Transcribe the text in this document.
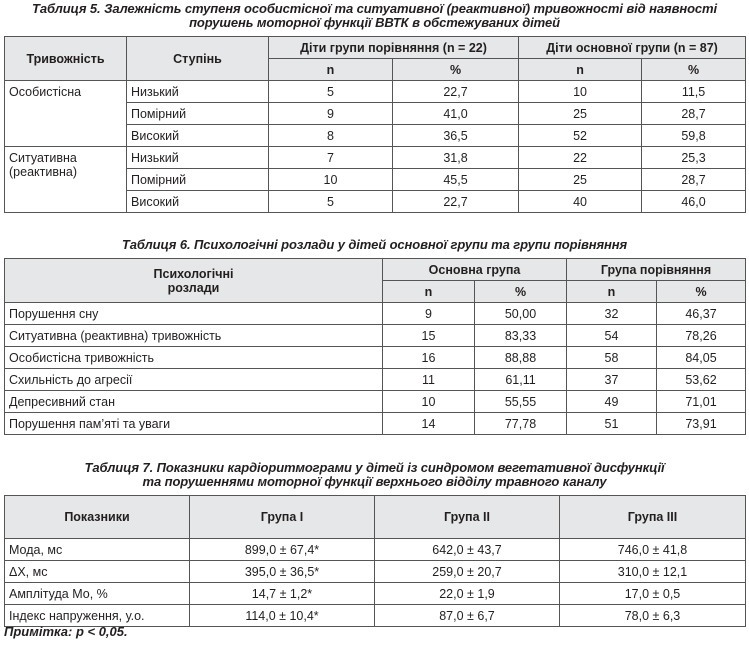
Таблиця 5. Залежність ступеня особистісної та ситуативної (реактивної) тривожності від наявності
порушень моторної функції ВВТК в обстежуваних дітей
Тривожність	Ступінь	Діти групи порівняння (n = 22)		Діти основної групи (n = 87)	
		n	%	n	%
Особистісна	Низький	5	22,7	10	11,5
	Помірний	9	41,0	25	28,7
	Високий	8	36,5	52	59,8
Ситуативна (реактивна)	Низький	7	31,8	22	25,3
	Помірний	10	45,5	25	28,7
	Високий	5	22,7	40	46,0
Таблиця 6. Психологічні розлади у дітей основної групи та групи порівняння
Психологічні
розлади	Основна група		Група порівняння	
	n	%	n	%
Порушення сну	9	50,00	32	46,37
Ситуативна (реактивна) тривожність	15	83,33	54	78,26
Особистісна тривожність	16	88,88	58	84,05
Схильність до агресії	11	61,11	37	53,62
Депресивний стан	10	55,55	49	71,01
Порушення пам’яті та уваги	14	77,78	51	73,91
Таблиця 7. Показники кардіоритмограми у дітей із синдромом вегетативної дисфункції
та порушеннями моторної функції верхнього відділу травного каналу
Показники	Група І	Група ІІ	Група ІІІ
Мода, мс	899,0 ± 67,4*	642,0 ± 43,7	746,0 ± 41,8
ΔХ, мс	395,0 ± 36,5*	259,0 ± 20,7	310,0 ± 12,1
Амплітуда Мо, %	14,7 ± 1,2*	22,0 ± 1,9	17,0 ± 0,5
Індекс напруження, у.о.	114,0 ± 10,4*	87,0 ± 6,7	78,0 ± 6,3
Примітка: р < 0,05.
